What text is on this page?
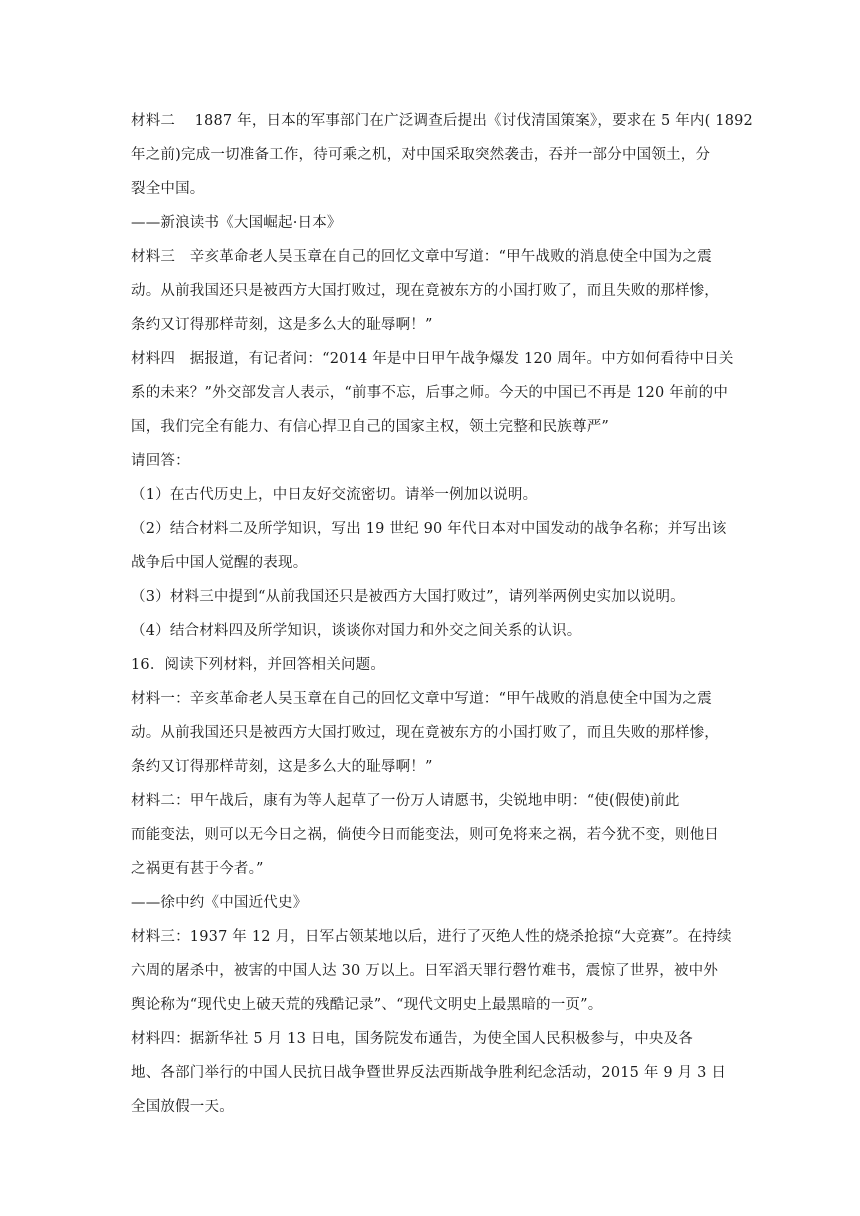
材料二　 1887 年，日本的军事部门在广泛调查后提出《讨伐清国策案》，要求在 5 年内( 1892
年之前)完成一切准备工作，待可乘之机，对中国采取突然袭击，吞并一部分中国领土，分
裂全中国。
——新浪读书《大国崛起·日本》
材料三　辛亥革命老人吴玉章在自己的回忆文章中写道：“甲午战败的消息使全中国为之震
动。从前我国还只是被西方大国打败过，现在竟被东方的小国打败了，而且失败的那样惨，
条约又订得那样苛刻，这是多么大的耻辱啊！”
材料四　据报道，有记者问：“2014 年是中日甲午战争爆发 120 周年。中方如何看待中日关
系的未来？”外交部发言人表示，“前事不忘，后事之师。今天的中国已不再是 120 年前的中
国，我们完全有能力、有信心捍卫自己的国家主权，领土完整和民族尊严”
请回答：
（1）在古代历史上，中日友好交流密切。请举一例加以说明。
（2）结合材料二及所学知识，写出 19 世纪 90 年代日本对中国发动的战争名称；并写出该
战争后中国人觉醒的表现。
（3）材料三中提到“从前我国还只是被西方大国打败过”，请列举两例史实加以说明。
（4）结合材料四及所学知识，谈谈你对国力和外交之间关系的认识。
16．阅读下列材料，并回答相关问题。
材料一：辛亥革命老人吴玉章在自己的回忆文章中写道：“甲午战败的消息使全中国为之震
动。从前我国还只是被西方大国打败过，现在竟被东方的小国打败了，而且失败的那样惨，
条约又订得那样苛刻，这是多么大的耻辱啊！”
材料二：甲午战后，康有为等人起草了一份万人请愿书，尖锐地申明：“使(假使)前此
而能变法，则可以无今日之祸，倘使今日而能变法，则可免将来之祸，若今犹不变，则他日
之祸更有甚于今者。”
——徐中约《中国近代史》
材料三：1937 年 12 月，日军占领某地以后，进行了灭绝人性的烧杀抢掠“大竞赛”。在持续
六周的屠杀中，被害的中国人达 30 万以上。日军滔天罪行磬竹难书，震惊了世界，被中外
舆论称为“现代史上破天荒的残酷记录”、“现代文明史上最黑暗的一页”。
材料四：据新华社 5 月 13 日电，国务院发布通告，为使全国人民积极参与，中央及各
地、各部门举行的中国人民抗日战争暨世界反法西斯战争胜利纪念活动，2015 年 9 月 3 日
全国放假一天。
